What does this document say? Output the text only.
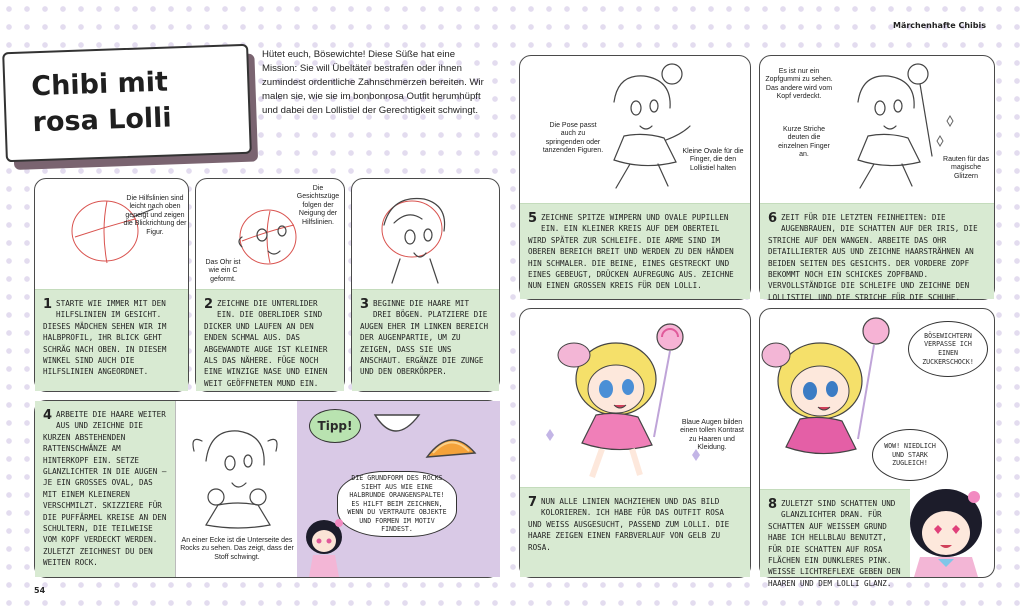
Märchenhafte Chibis
54
Chibi mit
rosa Lolli
Hütet euch, Bösewichte! Diese Süße hat eine Mission: Sie will Übeltäter bestrafen oder ihnen zumindest ordentliche Zahnschmerzen bereiten. Wir malen sie, wie sie im bonbonrosa Outfit herumhüpft und dabei den Lollistiel der Gerechtigkeit schwingt.
Die Hilfslinien sind leicht nach oben geneigt und zeigen die Blickrichtung der Figur.
1 STARTE WIE IMMER MIT DEN HILFSLINIEN IM GESICHT. DIESES MÄDCHEN SEHEN WIR IM HALBPROFIL, IHR BLICK GEHT SCHRÄG NACH OBEN. IN DIESEM WINKEL SIND AUCH DIE HILFSLINIEN ANGEORDNET.
Die Gesichtszüge folgen der Neigung der Hilfslinien.
Das Ohr ist wie ein C geformt.
2 ZEICHNE DIE UNTERLIDER EIN. DIE OBERLIDER SIND DICKER UND LAUFEN AN DEN ENDEN SCHMAL AUS. DAS ABGEWANDTE AUGE IST KLEINER ALS DAS NÄHERE. FÜGE NOCH EINE WINZIGE NASE UND EINEN WEIT GEÖFFNETEN MUND EIN.
3 BEGINNE DIE HAARE MIT DREI BÖGEN. PLATZIERE DIE AUGEN EHER IM LINKEN BEREICH DER AUGENPARTIE, UM ZU ZEIGEN, DASS SIE UNS ANSCHAUT. ERGÄNZE DIE ZUNGE UND DEN OBERKÖRPER.
4 ARBEITE DIE HAARE WEITER AUS UND ZEICHNE DIE KURZEN ABSTEHENDEN RATTENSCHWÄNZE AM HINTERKOPF EIN. SETZE GLANZLICHTER IN DIE AUGEN – JE EIN GROSSES OVAL, DAS MIT EINEM KLEINEREN VERSCHMILZT. SKIZZIERE FÜR DIE PUFFÄRMEL KREISE AN DEN SCHULTERN, DIE TEILWEISE VOM KOPF VERDECKT WERDEN. ZULETZT ZEICHNEST DU DEN WEITEN ROCK.
An einer Ecke ist die Unterseite des Rocks zu sehen. Das zeigt, dass der Stoff schwingt.
Tipp!
DIE GRUNDFORM DES ROCKS SIEHT AUS WIE EINE HALBRUNDE ORANGENSPALTE! ES HILFT BEIM ZEICHNEN, WENN DU VERTRAUTE OBJEKTE UND FORMEN IM MOTIV FINDEST.
Die Pose passt auch zu springenden oder tanzenden Figuren.	Kleine Ovale für die Finger, die den Lollistiel halten
5 ZEICHNE SPITZE WIMPERN UND OVALE PUPILLEN EIN. EIN KLEINER KREIS AUF DEM OBERTEIL WIRD SPÄTER ZUR SCHLEIFE. DIE ARME SIND IM OBEREN BEREICH BREIT UND WERDEN ZU DEN HÄNDEN HIN SCHMALER. DIE BEINE, EINES GESTRECKT UND EINES GEBEUGT, DRÜCKEN AUFREGUNG AUS. ZEICHNE NUN EINEN GROSSEN KREIS FÜR DEN LOLLI.
Es ist nur ein Zopfgummi zu sehen. Das andere wird vom Kopf verdeckt.
Kurze Striche deuten die einzelnen Finger an.
Rauten für das magische Glitzern
6 ZEIT FÜR DIE LETZTEN FEINHEITEN: DIE AUGENBRAUEN, DIE SCHATTEN AUF DER IRIS, DIE STRICHE AUF DEN WANGEN. ARBEITE DAS OHR DETAILLIERTER AUS UND ZEICHNE HAARSTRÄHNEN AN BEIDEN SEITEN DES GESICHTS. DER VORDERE ZOPF BEKOMMT NOCH EIN SCHICKES ZOPFBAND. VERVOLLSTÄNDIGE DIE SCHLEIFE UND ZEICHNE DEN LOLLISTIEL UND DIE STRICHE FÜR DIE SCHUHE.
Blaue Augen bilden einen tollen Kontrast zu Haaren und Kleidung.
7 NUN ALLE LINIEN NACHZIEHEN UND DAS BILD KOLORIEREN. ICH HABE FÜR DAS OUTFIT ROSA UND WEISS AUSGESUCHT, PASSEND ZUM LOLLI. DIE HAARE ZEIGEN EINEN FARBVERLAUF VON GELB ZU ROSA.
BÖSEWICHTERN VERPASSE ICH EINEN ZUCKERSCHOCK!
WOW! NIEDLICH UND STARK ZUGLEICH!
8 ZULETZT SIND SCHATTEN UND GLANZLICHTER DRAN. FÜR SCHATTEN AUF WEISSEM GRUND HABE ICH HELLBLAU BENUTZT, FÜR DIE SCHATTEN AUF ROSA FLÄCHEN EIN DUNKLERES PINK. WEISSE LICHTREFLEXE GEBEN DEN HAAREN UND DEM LOLLI GLANZ.
